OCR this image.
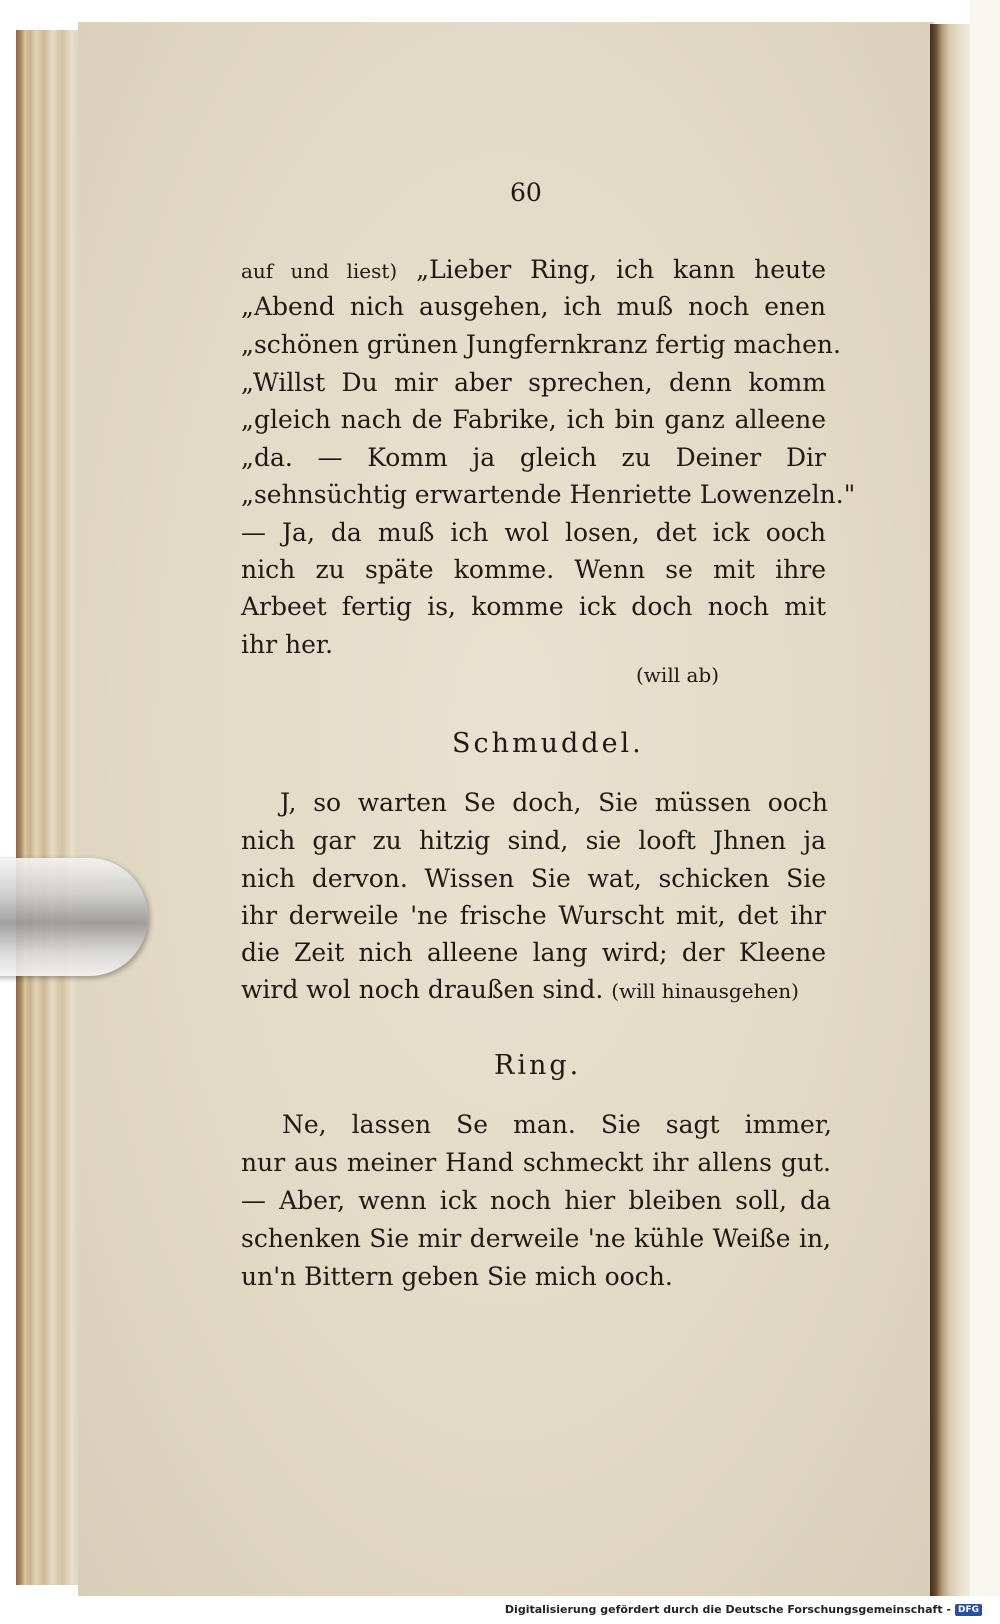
60
auf und liest) „Lieber Ring, ich kann heute
„Abend nich ausgehen, ich muß noch enen
„schönen grünen Jungfernkranz fertig machen.
„Willst Du mir aber sprechen, denn komm
„gleich nach de Fabrike, ich bin ganz alleene
„da. — Komm ja gleich zu Deiner Dir
„sehnsüchtig erwartende Henriette Lowenzeln."
— Ja, da muß ich wol losen, det ick ooch
nich zu späte komme. Wenn se mit ihre
Arbeet fertig is, komme ick doch noch mit
ihr her.
(will ab)
Schmuddel.
J, so warten Se doch, Sie müssen ooch
nich gar zu hitzig sind, sie looft Jhnen ja
nich dervon. Wissen Sie wat, schicken Sie
ihr derweile 'ne frische Wurscht mit, det ihr
die Zeit nich alleene lang wird; der Kleene
wird wol noch draußen sind. (will hinausgehen)
Ring.
Ne, lassen Se man. Sie sagt immer,
nur aus meiner Hand schmeckt ihr allens gut.
— Aber, wenn ick noch hier bleiben soll, da
schenken Sie mir derweile 'ne kühle Weiße in,
un'n Bittern geben Sie mich ooch.
Digitalisierung gefördert durch die Deutsche Forschungsgemeinschaft - DFG
